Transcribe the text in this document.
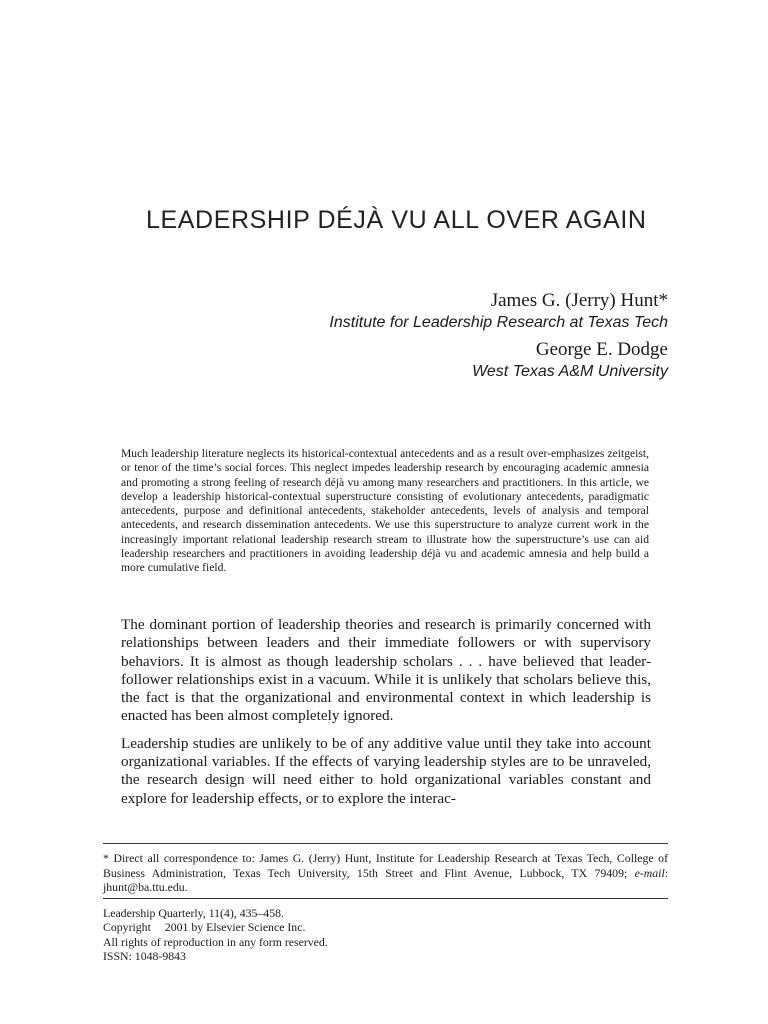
LEADERSHIP DÉJÀ VU ALL OVER AGAIN
James G. (Jerry) Hunt*
Institute for Leadership Research at Texas Tech
George E. Dodge
West Texas A&M University

Much leadership literature neglects its historical-contextual antecedents and as a result over-emphasizes zeitgeist, or tenor of the time’s social forces. This neglect impedes leadership research by encouraging academic amnesia and promoting a strong feeling of research déjà vu among many researchers and practitioners. In this article, we develop a leadership historical-contextual superstructure consisting of evolutionary antecedents, paradigmatic antecedents, purpose and definitional antecedents, stakeholder antecedents, levels of analysis and temporal antecedents, and research dissemination antecedents. We use this superstructure to analyze current work in the increasingly important relational leadership research stream to illustrate how the superstructure’s use can aid leadership researchers and practitioners in avoiding leadership déjà vu and academic amnesia and help build a more cumulative field.

The dominant portion of leadership theories and research is primarily concerned with relationships between leaders and their immediate followers or with supervisory behaviors. It is almost as though leadership scholars . . . have believed that leader-follower relationships exist in a vacuum. While it is unlikely that scholars believe this, the fact is that the organizational and environmental context in which leadership is enacted has been almost completely ignored.

Leadership studies are unlikely to be of any additive value until they take into account organizational variables. If the effects of varying leadership styles are to be unraveled, the research design will need either to hold organizational variables constant and explore for leadership effects, or to explore the interac-

* Direct all correspondence to: James G. (Jerry) Hunt, Institute for Leadership Research at Texas Tech, College of Business Administration, Texas Tech University, 15th Street and Flint Avenue, Lubbock, TX 79409; e-mail: jhunt@ba.ttu.edu.

Leadership Quarterly, 11(4), 435–458.
Copyright 2001 by Elsevier Science Inc.
All rights of reproduction in any form reserved.
ISSN: 1048-9843
